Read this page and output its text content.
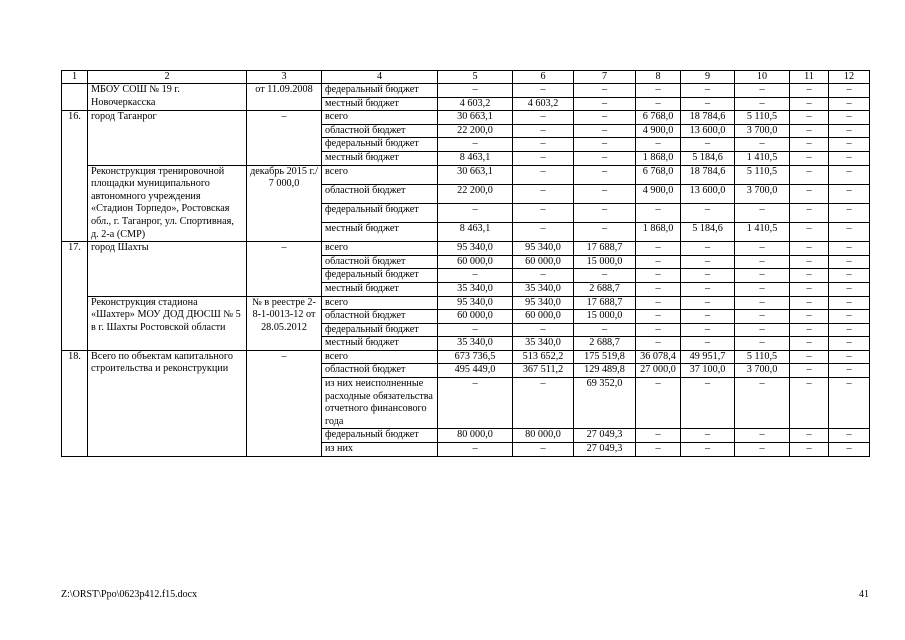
1	2	3	4	5	6	7	8	9	10	11	12
	МБОУ СОШ № 19 г. Новочеркасска	от 11.09.2008	федеральный бюджет	–	–	–	–	–	–	–	–
			местный бюджет	4 603,2	4 603,2	–	–	–	–	–	–
16.	город Таганрог	–	всего	30 663,1	–	–	6 768,0	18 784,6	5 110,5	–	–
			областной бюджет	22 200,0	–	–	4 900,0	13 600,0	3 700,0	–	–
			федеральный бюджет	–	–	–	–	–	–	–	–
			местный бюджет	8 463,1	–	–	1 868,0	5 184,6	1 410,5	–	–
	Реконструкция тренировочной площадки муниципального автономного учреждения «Стадион Торпедо», Ростовская обл., г. Таганрог, ул. Спортивная, д. 2-а (СМР)	декабрь 2015 г./ 7 000,0	всего	30 663,1	–	–	6 768,0	18 784,6	5 110,5	–	–
			областной бюджет	22 200,0	–	–	4 900,0	13 600,0	3 700,0	–	–
			федеральный бюджет	–	–	–	–	–	–	–	–
			местный бюджет	8 463,1	–	–	1 868,0	5 184,6	1 410,5	–	–
17.	город Шахты	–	всего	95 340,0	95 340,0	17 688,7	–	–	–	–	–
			областной бюджет	60 000,0	60 000,0	15 000,0	–	–	–	–	–
			федеральный бюджет	–	–	–	–	–	–	–	–
			местный бюджет	35 340,0	35 340,0	2 688,7	–	–	–	–	–
	Реконструкция стадиона «Шахтер» МОУ ДОД ДЮСШ № 5 в г. Шахты Ростовской области	№ в реестре 2-8-1-0013-12 от 28.05.2012	всего	95 340,0	95 340,0	17 688,7	–	–	–	–	–
			областной бюджет	60 000,0	60 000,0	15 000,0	–	–	–	–	–
			федеральный бюджет	–	–	–	–	–	–	–	–
			местный бюджет	35 340,0	35 340,0	2 688,7	–	–	–	–	–
18.	Всего по объектам капитального строительства и реконструкции	–	всего	673 736,5	513 652,2	175 519,8	36 078,4	49 951,7	5 110,5	–	–
			областной бюджет	495 449,0	367 511,2	129 489,8	27 000,0	37 100,0	3 700,0	–	–
			из них неисполненные расходные обязательства отчетного финансового года	–	–	69 352,0	–	–	–	–	–
			федеральный бюджет	80 000,0	80 000,0	27 049,3	–	–	–	–	–
			из них	–	–	27 049,3	–	–	–	–	–
Z:\ORST\Ppo\0623p412.f15.docx	41
